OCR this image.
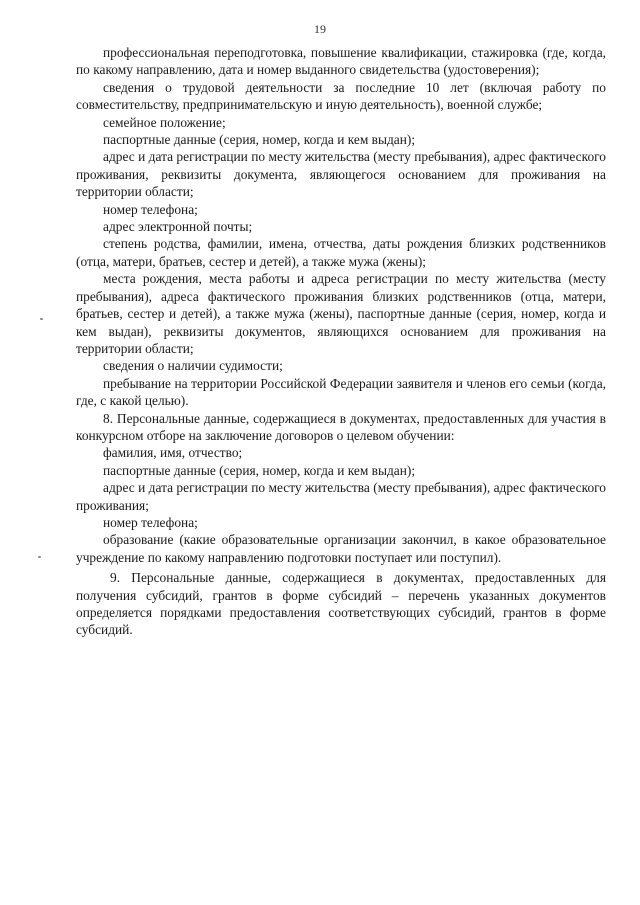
19

профессиональная переподготовка, повышение квалификации, стажировка (где, когда, по какому направлению, дата и номер выданного свидетельства (удостоверения);

сведения о трудовой деятельности за последние 10 лет (включая работу по совместительству, предпринимательскую и иную деятельность), военной службе;

семейное положение;

паспортные данные (серия, номер, когда и кем выдан);

адрес и дата регистрации по месту жительства (месту пребывания), адрес фактического проживания, реквизиты документа, являющегося основанием для проживания на территории области;

номер телефона;

адрес электронной почты;

степень родства, фамилии, имена, отчества, даты рождения близких родственников (отца, матери, братьев, сестер и детей), а также мужа (жены);

места рождения, места работы и адреса регистрации по месту жительства (месту пребывания), адреса фактического проживания близких родственников (отца, матери, братьев, сестер и детей), а также мужа (жены), паспортные данные (серия, номер, когда и кем выдан), реквизиты документов, являющихся основанием для проживания на территории области;

сведения о наличии судимости;

пребывание на территории Российской Федерации заявителя и членов его семьи (когда, где, с какой целью).

8. Персональные данные, содержащиеся в документах, предоставленных для участия в конкурсном отборе на заключение договоров о целевом обучении:

фамилия, имя, отчество;

паспортные данные (серия, номер, когда и кем выдан);

адрес и дата регистрации по месту жительства (месту пребывания), адрес фактического проживания;

номер телефона;

образование (какие образовательные организации закончил, в какое образовательное учреждение по какому направлению подготовки поступает или поступил).

9. Персональные данные, содержащиеся в документах, предоставленных для получения субсидий, грантов в форме субсидий – перечень указанных документов определяется порядками предоставления соответствующих субсидий, грантов в форме субсидий.
